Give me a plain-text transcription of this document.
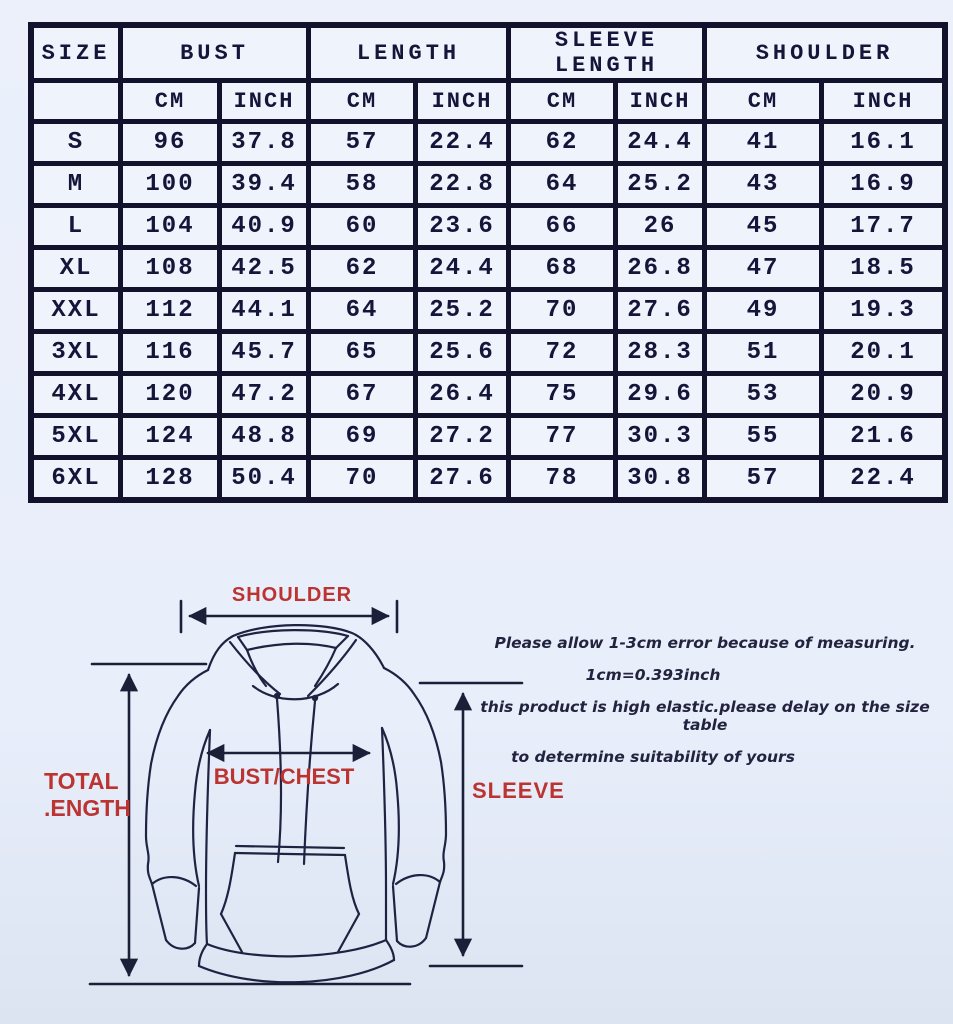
SIZE	BUST		LENGTH		SLEEVE LENGTH		SHOULDER	
	CM	INCH	CM	INCH	CM	INCH	CM	INCH
S	96	37.8	57	22.4	62	24.4	41	16.1
M	100	39.4	58	22.8	64	25.2	43	16.9
L	104	40.9	60	23.6	66	26	45	17.7
XL	108	42.5	62	24.4	68	26.8	47	18.5
XXL	112	44.1	64	25.2	70	27.6	49	19.3
3XL	116	45.7	65	25.6	72	28.3	51	20.1
4XL	120	47.2	67	26.4	75	29.6	53	20.9
5XL	124	48.8	69	27.2	77	30.3	55	21.6
6XL	128	50.4	70	27.6	78	30.8	57	22.4
SHOULDER
TOTAL
.ENGTH
BUST/CHEST
SLEEVE
Please allow 1-3cm error because of measuring.
1cm=0.393inch
this product is high elastic.please delay on the size table
to determine suitability of yours
